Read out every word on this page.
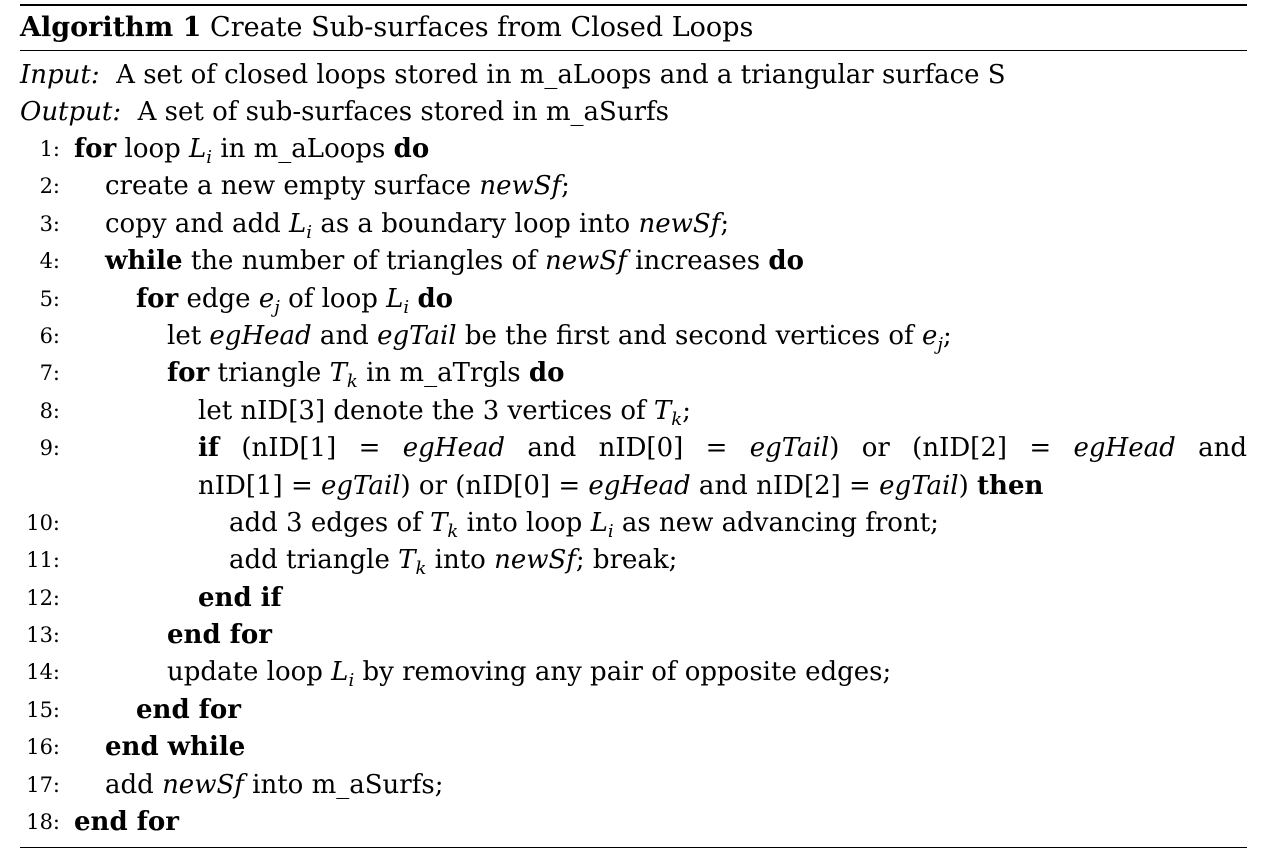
Algorithm 1 Create Sub-surfaces from Closed Loops
Input: A set of closed loops stored in m_aLoops and a triangular surface S
Output: A set of sub-surfaces stored in m_aSurfs
1: for loop $L_i$ in m_aLoops do
2: create a new empty surface newSf;
3: copy and add $L_i$ as a boundary loop into newSf;
4: while the number of triangles of newSf increases do
5:	for edge $e_j$ of loop $L_i$ do
6:	let egHead and egTail be the first and second vertices of $e_j$;
7:	for triangle $T_k$ in m_aTrgls do
8:	let nID[3] denote the 3 vertices of $T_k$;
9:	if (nID[1] = egHead and nID[0] = egTail) or (nID[2] = egHead and
nID[1] = egTail) or (nID[0] = egHead and nID[2] = egTail) then
10:	add 3 edges of $T_k$ into loop $L_i$ as new advancing front;
11:	add triangle $T_k$ into newSf; break;
12:	end if
13:	end for
14:	update loop $L_i$ by removing any pair of opposite edges;
15:	end for
16: end while
17: add newSf into m_aSurfs;
18: end for
